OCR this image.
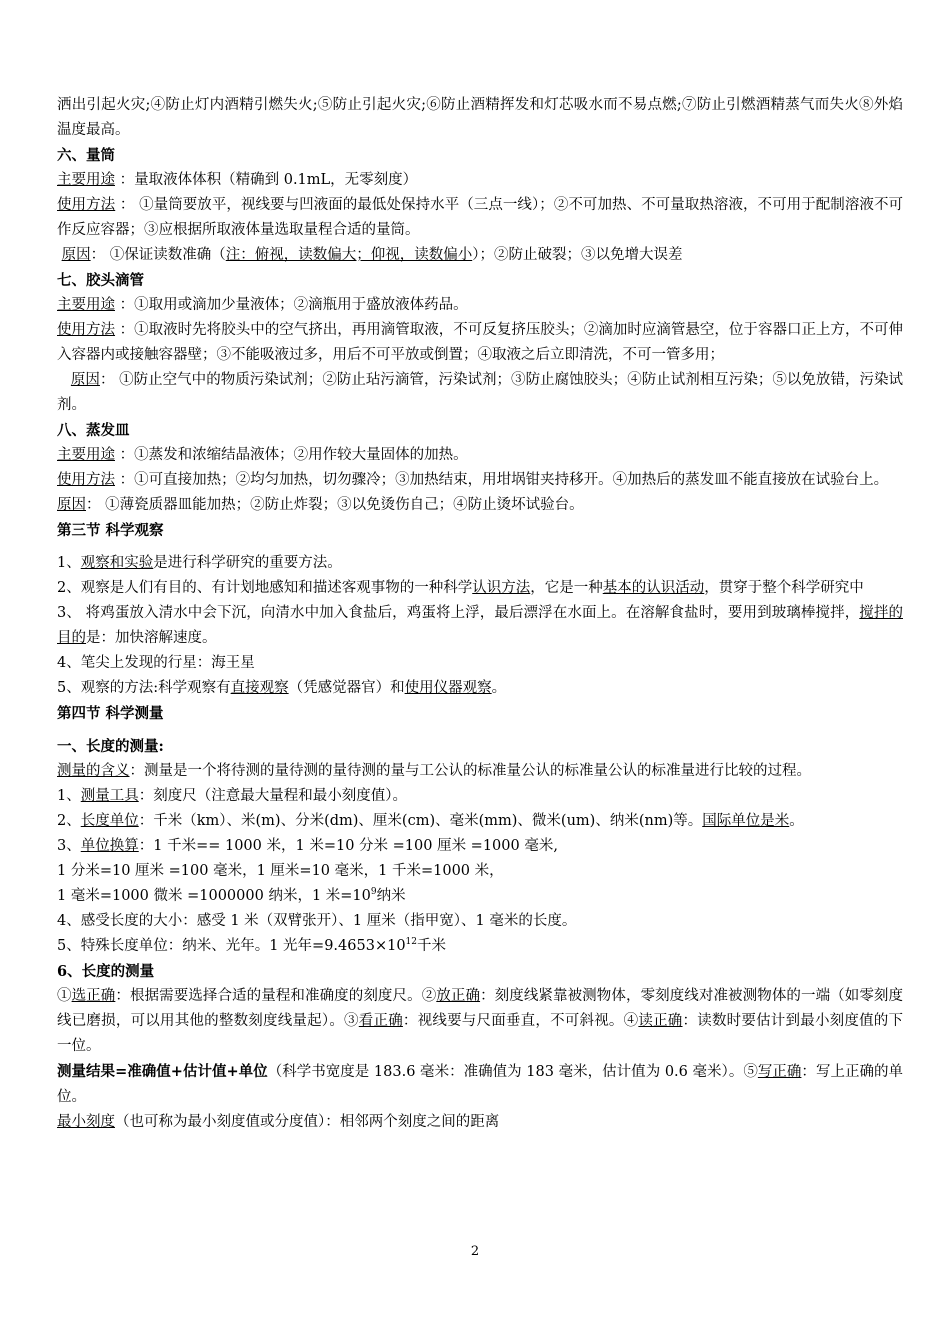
洒出引起火灾;④防止灯内酒精引燃失火;⑤防止引起火灾;⑥防止酒精挥发和灯芯吸水而不易点燃;⑦防止引燃酒精蒸气而失火⑧外焰温度最高。

六、量筒

主要用途 ：量取液体体积（精确到 0.1mL，无零刻度）

使用方法 ： ①量筒要放平，视线要与凹液面的最低处保持水平（三点一线）；②不可加热、不可量取热溶液，不可用于配制溶液不可作反应容器；③应根据所取液体量选取量程合适的量筒。

原因： ①保证读数准确（注：俯视，读数偏大；仰视，读数偏小）；②防止破裂；③以免增大误差

七、胶头滴管

主要用途 ：①取用或滴加少量液体；②滴瓶用于盛放液体药品。

使用方法 ：①取液时先将胶头中的空气挤出，再用滴管取液，不可反复挤压胶头；②滴加时应滴管悬空，位于容器口正上方，不可伸入容器内或接触容器壁；③不能吸液过多，用后不可平放或倒置；④取液之后立即清洗，不可一管多用；

原因： ①防止空气中的物质污染试剂；②防止玷污滴管，污染试剂；③防止腐蚀胶头；④防止试剂相互污染；⑤以免放错，污染试剂。

八、蒸发皿

主要用途 ：①蒸发和浓缩结晶液体；②用作较大量固体的加热。

使用方法 ：①可直接加热；②均匀加热，切勿骤冷；③加热结束，用坩埚钳夹持移开。④加热后的蒸发皿不能直接放在试验台上。

原因： ①薄瓷质器皿能加热；②防止炸裂；③以免烫伤自己；④防止烫坏试验台。

第三节 科学观察

1、观察和实验是进行科学研究的重要方法。

2、观察是人们有目的、有计划地感知和描述客观事物的一种科学认识方法，它是一种基本的认识活动，贯穿于整个科学研究中

3、 将鸡蛋放入清水中会下沉，向清水中加入食盐后，鸡蛋将上浮，最后漂浮在水面上。在溶解食盐时，要用到玻璃棒搅拌，搅拌的目的是：加快溶解速度。

4、笔尖上发现的行星：海王星

5、观察的方法:科学观察有直接观察（凭感觉器官）和使用仪器观察。

第四节 科学测量

一、长度的测量:

测量的含义：测量是一个将待测的量待测的量待测的量与工公认的标准量公认的标准量公认的标准量进行比较的过程。

1、测量工具：刻度尺（注意最大量程和最小刻度值）。

2、长度单位：千米（km）、米(m)、分米(dm)、厘米(cm)、毫米(mm)、微米(um)、纳米(nm)等。国际单位是米。

3、单位换算：1 千米== 1000 米，1 米=10 分米 =100 厘米 =1000 毫米,

1 分米=10 厘米 =100 毫米，1 厘米=10 毫米，1 千米=1000 米，

1 毫米=1000 微米 =1000000 纳米，1 米$=10^9$纳米

4、感受长度的大小：感受 1 米（双臂张开）、1 厘米（指甲宽）、1 毫米的长度。

5、特殊长度单位：纳米、光年。1 光年$=9.4653\times 10^{12}$千米

6、长度的测量

①选正确：根据需要选择合适的量程和准确度的刻度尺。②放正确：刻度线紧靠被测物体，零刻度线对准被测物体的一端（如零刻度线已磨损，可以用其他的整数刻度线量起）。③看正确：视线要与尺面垂直，不可斜视。④读正确：读数时要估计到最小刻度值的下一位。

测量结果=准确值+估计值+单位（科学书宽度是 183.6 毫米：准确值为 183 毫米，估计值为 0.6 毫米）。⑤写正确：写上正确的单位。

最小刻度（也可称为最小刻度值或分度值）：相邻两个刻度之间的距离

2
